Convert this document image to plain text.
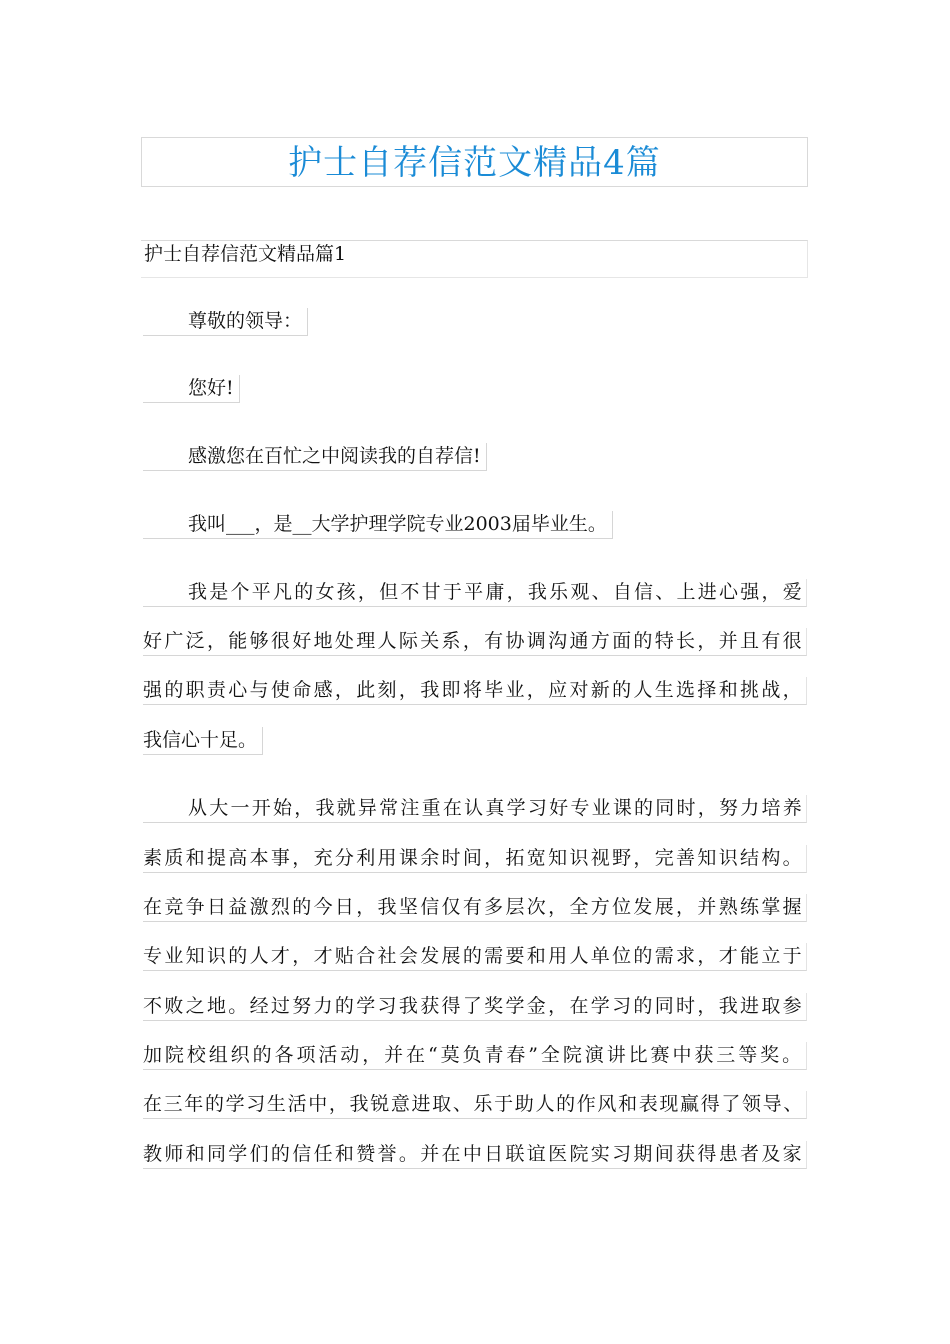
护士自荐信范文精品4篇
护士自荐信范文精品篇1
尊敬的领导：
您好!
感激您在百忙之中阅读我的自荐信!
我叫___，是__大学护理学院专业2003届毕业生。
我是个平凡的女孩，但不甘于平庸，我乐观、自信、上进心强，爱
好广泛，能够很好地处理人际关系，有协调沟通方面的特长，并且有很
强的职责心与使命感，此刻，我即将毕业，应对新的人生选择和挑战，
我信心十足。
从大一开始，我就异常注重在认真学习好专业课的同时，努力培养
素质和提高本事，充分利用课余时间，拓宽知识视野，完善知识结构。
在竞争日益激烈的今日，我坚信仅有多层次，全方位发展，并熟练掌握
专业知识的人才，才贴合社会发展的需要和用人单位的需求，才能立于
不败之地。经过努力的学习我获得了奖学金，在学习的同时，我进取参
加院校组织的各项活动，并在“莫负青春”全院演讲比赛中获三等奖。
在三年的学习生活中，我锐意进取、乐于助人的作风和表现赢得了领导、
教师和同学们的信任和赞誉。并在中日联谊医院实习期间获得患者及家
